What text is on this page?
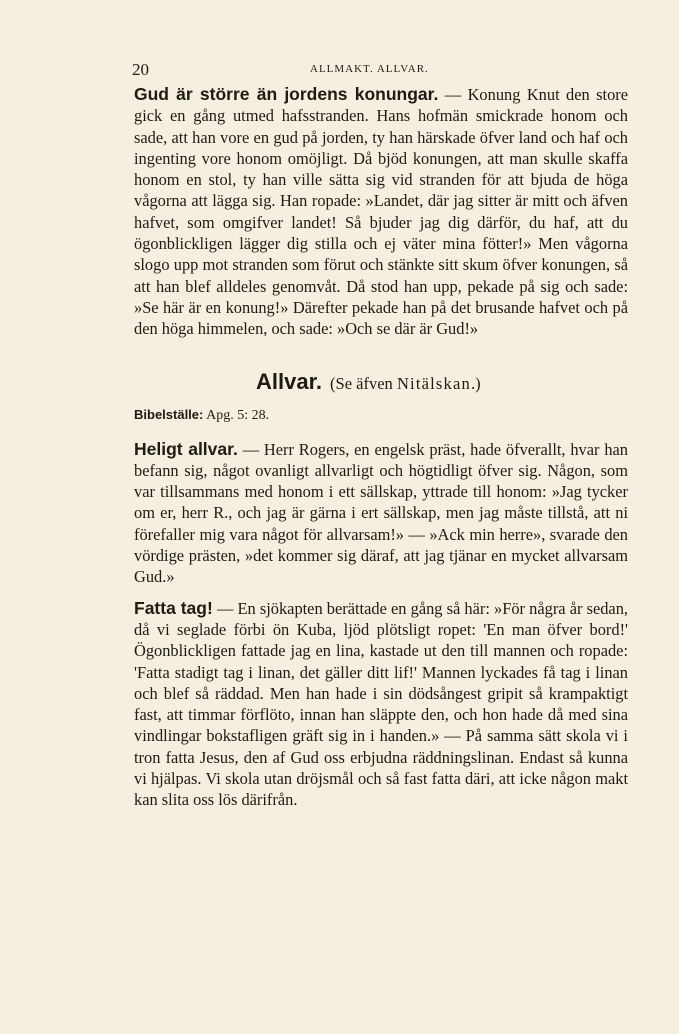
20	ALLMAKT. ALLVAR.

Gud är större än jordens konungar. — Konung Knut den store gick en gång utmed hafsstranden. Hans hofmän smickrade honom och sade, att han vore en gud på jorden, ty han härskade öfver land och haf och ingenting vore honom omöjligt. Då bjöd konungen, att man skulle skaffa honom en stol, ty han ville sätta sig vid stranden för att bjuda de höga vågorna att lägga sig. Han ropade: »Landet, där jag sitter är mitt och äfven hafvet, som omgifver landet! Så bjuder jag dig därför, du haf, att du ögonblickligen lägger dig stilla och ej väter mina fötter!» Men vågorna slogo upp mot stranden som förut och stänkte sitt skum öfver konungen, så att han blef alldeles genomvåt. Då stod han upp, pekade på sig och sade: »Se här är en konung!» Därefter pekade han på det brusande hafvet och på den höga himmelen, och sade: »Och se där är Gud!»

Allvar. (Se äfven Nitälskan.)
Bibelställe: Apg. 5: 28.

Heligt allvar. — Herr Rogers, en engelsk präst, hade öfverallt, hvar han befann sig, något ovanligt allvarligt och högtidligt öfver sig. Någon, som var tillsammans med honom i ett sällskap, yttrade till honom: »Jag tycker om er, herr R., och jag är gärna i ert sällskap, men jag måste tillstå, att ni förefaller mig vara något för allvarsam!» — »Ack min herre», svarade den vördige prästen, »det kommer sig däraf, att jag tjänar en mycket allvarsam Gud.»

Fatta tag! — En sjökapten berättade en gång så här: »För några år sedan, då vi seglade förbi ön Kuba, ljöd plötsligt ropet: 'En man öfver bord!' Ögonblickligen fattade jag en lina, kastade ut den till mannen och ropade: 'Fatta stadigt tag i linan, det gäller ditt lif!' Mannen lyckades få tag i linan och blef så räddad. Men han hade i sin dödsångest gripit så krampaktigt fast, att timmar förflöto, innan han släppte den, och hon hade då med sina vindlingar bokstafligen gräft sig in i handen.» — På samma sätt skola vi i tron fatta Jesus, den af Gud oss erbjudna räddningslinan. Endast så kunna vi hjälpas. Vi skola utan dröjsmål och så fast fatta däri, att icke någon makt kan slita oss lös därifrån.
